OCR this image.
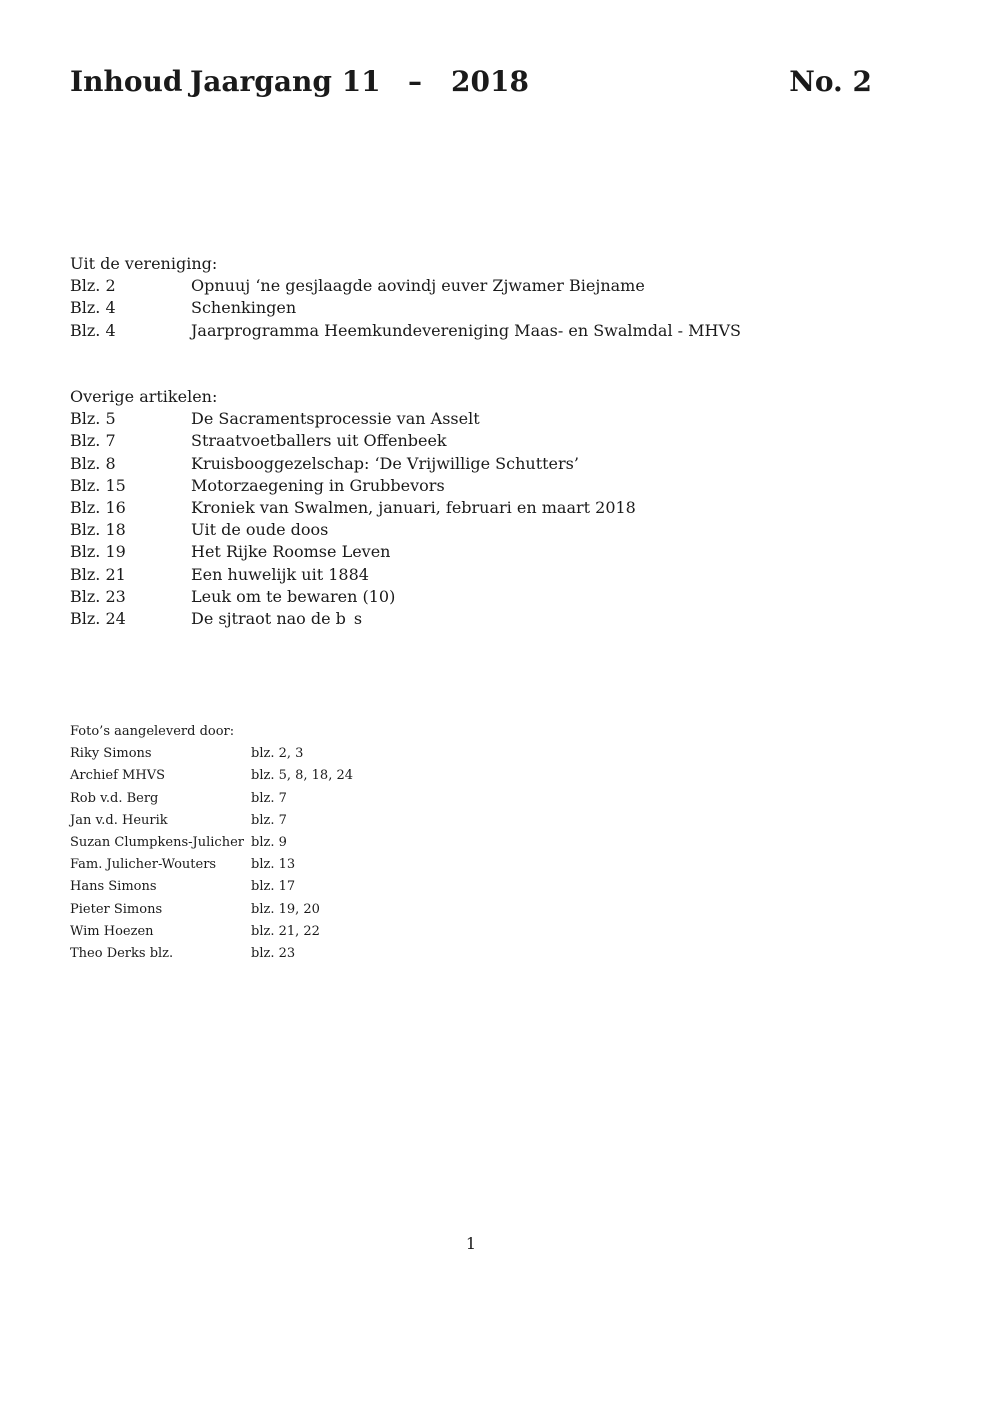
Inhoud Jaargang 11 – 2018	No. 2
Uit de vereniging:
Blz. 2	Opnuuj ‘ne gesjlaagde aovindj euver Zjwamer Biejname
Blz. 4	Schenkingen
Blz. 4	Jaarprogramma Heemkundevereniging Maas- en Swalmdal - MHVS
Overige artikelen:
Blz. 5	De Sacramentsprocessie van Asselt
Blz. 7	Straatvoetballers uit Offenbeek
Blz. 8	Kruisbooggezelschap: ‘De Vrijwillige Schutters’
Blz. 15	Motorzaegening in Grubbevors
Blz. 16	Kroniek van Swalmen, januari, februari en maart 2018
Blz. 18	Uit de oude doos
Blz. 19	Het Rijke Roomse Leven
Blz. 21	Een huwelijk uit 1884
Blz. 23	Leuk om te bewaren (10)
Blz. 24	De sjtraot nao de b s
Foto’s aangeleverd door:
Riky Simons	blz. 2, 3
Archief MHVS	blz. 5, 8, 18, 24
Rob v.d. Berg	blz. 7
Jan v.d. Heurik	blz. 7
Suzan Clumpkens-Julicher blz. 9
Fam. Julicher-Wouters	blz. 13
Hans Simons	blz. 17
Pieter Simons	blz. 19, 20
Wim Hoezen	blz. 21, 22
Theo Derks blz.	blz. 23
1
